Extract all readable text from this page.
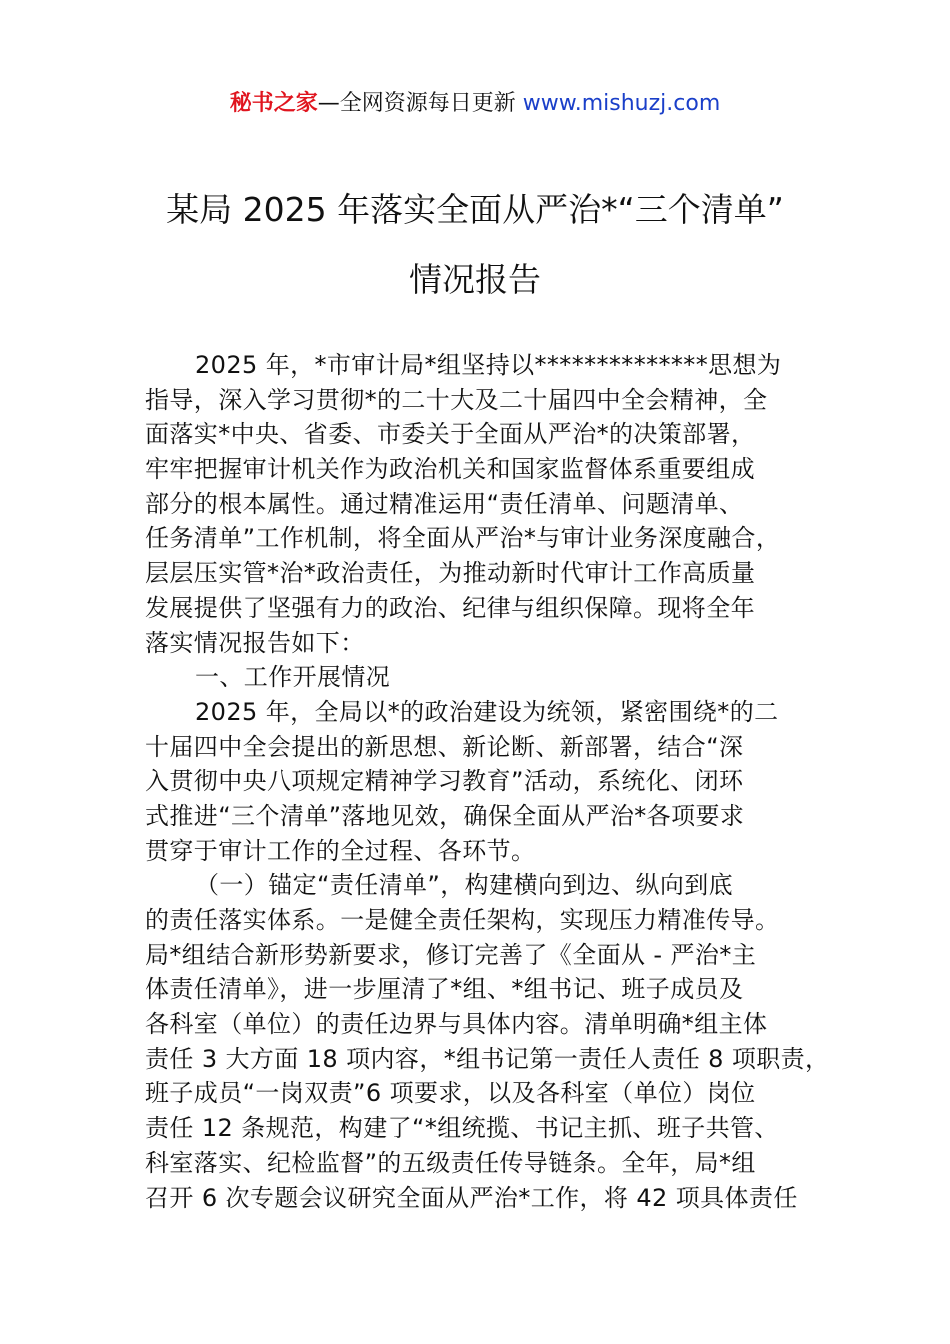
秘书之家—全网资源每日更新 www.mishuzj.com
某局 2025 年落实全面从严治*“三个清单”
情况报告
2025 年，*市审计局*组坚持以**************思想为
指导，深入学习贯彻*的二十大及二十届四中全会精神，全
面落实*中央、省委、市委关于全面从严治*的决策部署，
牢牢把握审计机关作为政治机关和国家监督体系重要组成
部分的根本属性。通过精准运用“责任清单、问题清单、
任务清单”工作机制，将全面从严治*与审计业务深度融合，
层层压实管*治*政治责任，为推动新时代审计工作高质量
发展提供了坚强有力的政治、纪律与组织保障。现将全年
落实情况报告如下：
一、工作开展情况
2025 年，全局以*的政治建设为统领，紧密围绕*的二
十届四中全会提出的新思想、新论断、新部署，结合“深
入贯彻中央八项规定精神学习教育”活动，系统化、闭环
式推进“三个清单”落地见效，确保全面从严治*各项要求
贯穿于审计工作的全过程、各环节。
（一）锚定“责任清单”，构建横向到边、纵向到底
的责任落实体系。一是健全责任架构，实现压力精准传导。
局*组结合新形势新要求，修订完善了《全面从 - 严治*主
体责任清单》，进一步厘清了*组、*组书记、班子成员及
各科室（单位）的责任边界与具体内容。清单明确*组主体
责任 3 大方面 18 项内容，*组书记第一责任人责任 8 项职责，
班子成员“一岗双责”6 项要求，以及各科室（单位）岗位
责任 12 条规范，构建了“*组统揽、书记主抓、班子共管、
科室落实、纪检监督”的五级责任传导链条。全年，局*组
召开 6 次专题会议研究全面从严治*工作，将 42 项具体责任
